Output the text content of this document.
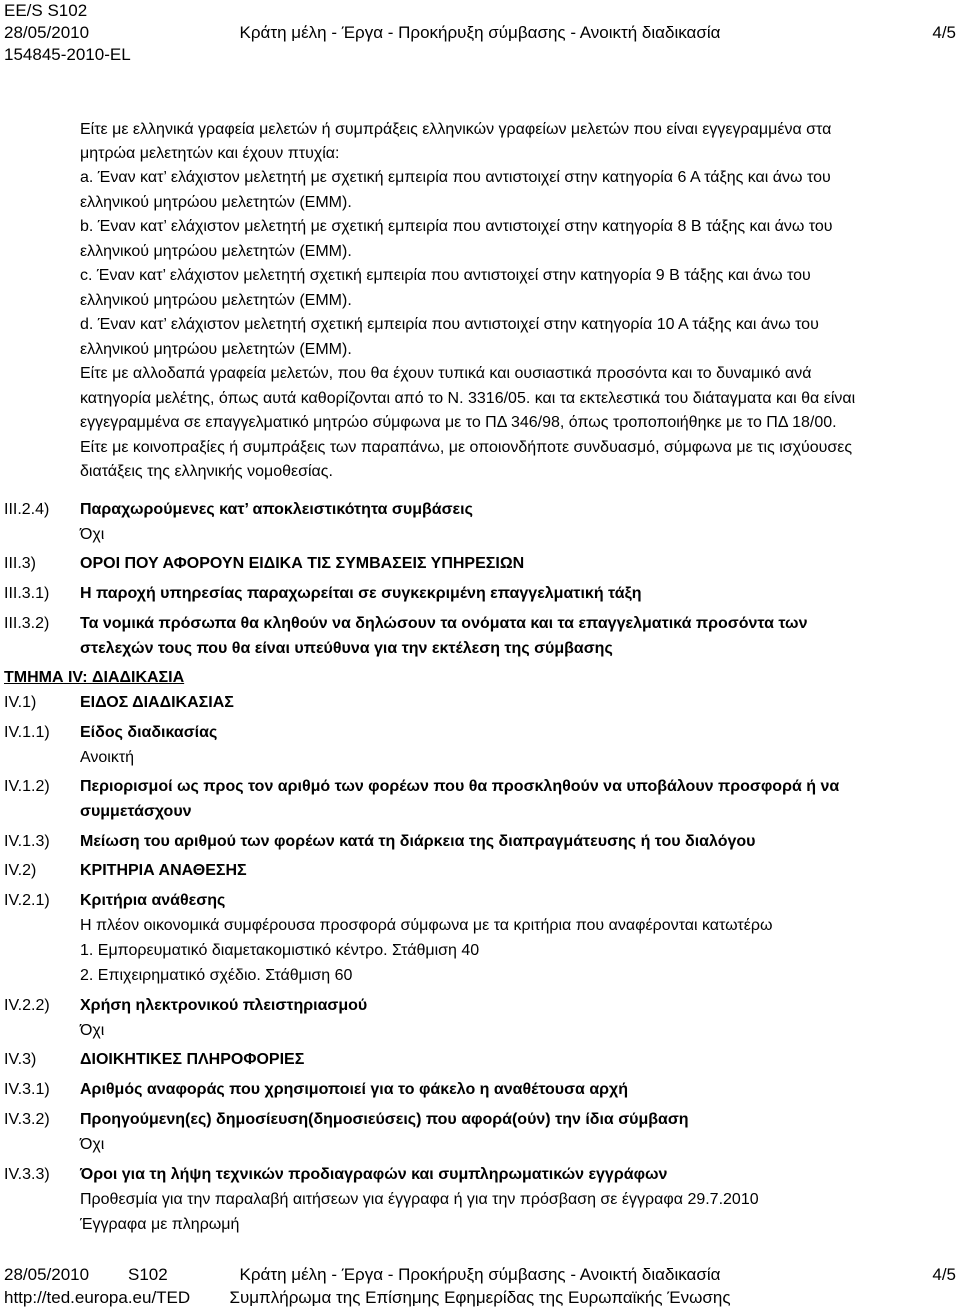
EE/S S102
28/05/2010	Κράτη μέλη - Έργα - Προκήρυξη σύμβασης - Ανοικτή διαδικασία	4/5
154845-2010-EL
Είτε με ελληνικά γραφεία μελετών ή συμπράξεις ελληνικών γραφείων μελετών που είναι εγγεγραμμένα στα
μητρώα μελετητών και έχουν πτυχία:
a. Έναν κατ’ ελάχιστον μελετητή με σχετική εμπειρία που αντιστοιχεί στην κατηγορία 6 Α τάξης και άνω του
ελληνικού μητρώου μελετητών (ΕΜΜ).
b. Έναν κατ’ ελάχιστον μελετητή με σχετική εμπειρία που αντιστοιχεί στην κατηγορία 8 Β τάξης και άνω του
ελληνικού μητρώου μελετητών (ΕΜΜ).
c. Έναν κατ’ ελάχιστον μελετητή σχετική εμπειρία που αντιστοιχεί στην κατηγορία 9 Β τάξης και άνω του
ελληνικού μητρώου μελετητών (ΕΜΜ).
d. Έναν κατ’ ελάχιστον μελετητή σχετική εμπειρία που αντιστοιχεί στην κατηγορία 10 Α τάξης και άνω του
ελληνικού μητρώου μελετητών (ΕΜΜ).
Είτε με αλλοδαπά γραφεία μελετών, που θα έχουν τυπικά και ουσιαστικά προσόντα και το δυναμικό ανά
κατηγορία μελέτης, όπως αυτά καθορίζονται από το Ν. 3316/05. και τα εκτελεστικά του διάταγματα και θα είναι
εγγεγραμμένα σε επαγγελματικό μητρώο σύμφωνα με το ΠΔ 346/98, όπως τροποποιήθηκε με το ΠΔ 18/00.
Είτε με κοινοπραξίες ή συμπράξεις των παραπάνω, με οποιονδήποτε συνδυασμό, σύμφωνα με τις ισχύουσες
διατάξεις της ελληνικής νομοθεσίας.
III.2.4) Παραχωρούμενες κατ’ αποκλειστικότητα συμβάσεις
Όχι
III.3)	ΟΡΟΙ ΠΟΥ ΑΦΟΡΟΥΝ ΕΙΔΙΚΑ ΤΙΣ ΣΥΜΒΑΣΕΙΣ ΥΠΗΡΕΣΙΩΝ
III.3.1) Η παροχή υπηρεσίας παραχωρείται σε συγκεκριμένη επαγγελματική τάξη
III.3.2) Τα νομικά πρόσωπα θα κληθούν να δηλώσουν τα ονόματα και τα επαγγελματικά προσόντα των
στελεχών τους που θα είναι υπεύθυνα για την εκτέλεση της σύμβασης
ΤΜΗΜΑ IV: ΔΙΑΔΙΚΑΣΙΑ
IV.1)	ΕΙΔΟΣ ΔΙΑΔΙΚΑΣΙΑΣ
IV.1.1) Είδος διαδικασίας
Ανοικτή
IV.1.2) Περιορισμοί ως προς τον αριθμό των φορέων που θα προσκληθούν να υποβάλουν προσφορά ή να
συμμετάσχουν
IV.1.3) Μείωση του αριθμού των φορέων κατά τη διάρκεια της διαπραγμάτευσης ή του διαλόγου
IV.2)	ΚΡΙΤΗΡΙΑ ΑΝΑΘΕΣΗΣ
IV.2.1) Κριτήρια ανάθεσης
Η πλέον οικονομικά συμφέρουσα προσφορά σύμφωνα με τα κριτήρια που αναφέρονται κατωτέρω
1. Εμπορευματικό διαμετακομιστικό κέντρο. Στάθμιση 40
2. Επιχειρηματικό σχέδιο. Στάθμιση 60
IV.2.2) Χρήση ηλεκτρονικού πλειστηριασμού
Όχι
IV.3)	ΔΙΟΙΚΗΤΙΚΕΣ ΠΛΗΡΟΦΟΡΙΕΣ
IV.3.1) Αριθμός αναφοράς που χρησιμοποιεί για το φάκελο η αναθέτουσα αρχή
IV.3.2) Προηγούμενη(ες) δημοσίευση(δημοσιεύσεις) που αφορά(ούν) την ίδια σύμβαση
Όχι
IV.3.3) Όροι για τη λήψη τεχνικών προδιαγραφών και συμπληρωματικών εγγράφων
Προθεσμία για την παραλαβή αιτήσεων για έγγραφα ή για την πρόσβαση σε έγγραφα 29.7.2010
Έγγραφα με πληρωμή
28/05/2010 S102	Κράτη μέλη - Έργα - Προκήρυξη σύμβασης - Ανοικτή διαδικασία	4/5
http://ted.europa.eu/TED	Συμπλήρωμα της Επίσημης Εφημερίδας της Ευρωπαϊκής Ένωσης
